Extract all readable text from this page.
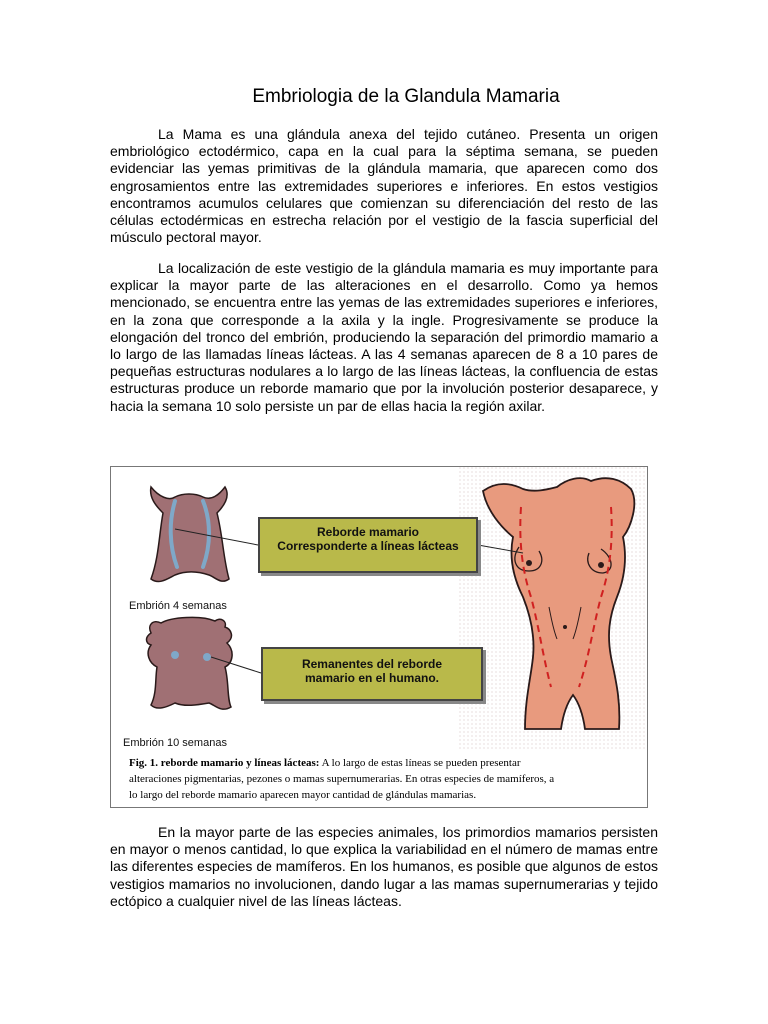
Embriologia de la Glandula Mamaria

La Mama es una glándula anexa del tejido cutáneo. Presenta un origen embriológico ectodérmico, capa en la cual para la séptima semana, se pueden evidenciar las yemas primitivas de la glándula mamaria, que aparecen como dos engrosamientos entre las extremidades superiores e inferiores. En estos vestigios encontramos acumulos celulares que comienzan su diferenciación del resto de las células ectodérmicas en estrecha relación por el vestigio de la fascia superficial del músculo pectoral mayor.

La localización de este vestigio de la glándula mamaria es muy importante para explicar la mayor parte de las alteraciones en el desarrollo. Como ya hemos mencionado, se encuentra entre las yemas de las extremidades superiores e inferiores, en la zona que corresponde a la axila y la ingle. Progresivamente se produce la elongación del tronco del embrión, produciendo la separación del primordio mamario a lo largo de las llamadas líneas lácteas. A las 4 semanas aparecen de 8 a 10 pares de pequeñas estructuras nodulares a lo largo de las líneas lácteas, la confluencia de estas estructuras produce un reborde mamario que por la involución posterior desaparece, y hacia la semana 10 solo persiste un par de ellas hacia la región axilar.

Reborde mamario
Corresponderte a líneas lácteas
Remanentes del reborde
mamario en el humano.
Embrión 4 semanas
Embrión 10 semanas
Fig. 1. reborde mamario y líneas lácteas: A lo largo de estas líneas se pueden presentar
alteraciones pigmentarias, pezones o mamas supernumerarias. En otras especies de mamíferos, a
lo largo del reborde mamario aparecen mayor cantidad de glándulas mamarias.

En la mayor parte de las especies animales, los primordios mamarios persisten en mayor o menos cantidad, lo que explica la variabilidad en el número de mamas entre las diferentes especies de mamíferos. En los humanos, es posible que algunos de estos vestigios mamarios no involucionen, dando lugar a las mamas supernumerarias y tejido ectópico a cualquier nivel de las líneas lácteas.
